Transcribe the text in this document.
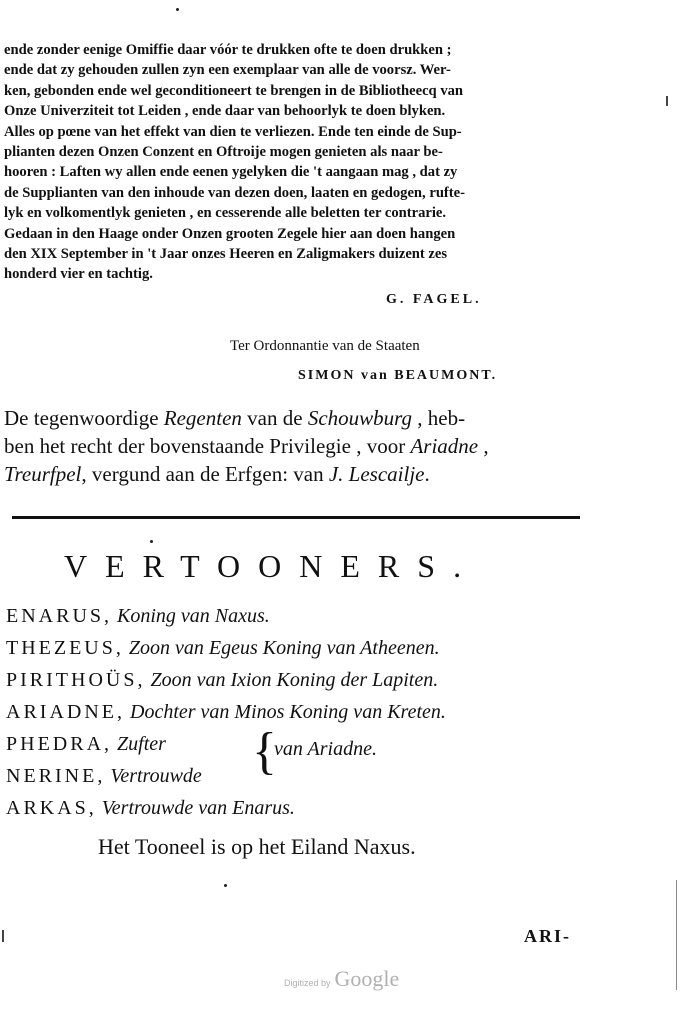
ende zonder eenige Omiffie daar vóór te drukken ofte te doen drukken ;
ende dat zy gehouden zullen zyn een exemplaar van alle de voorsz. Wer-
ken, gebonden ende wel geconditioneert te brengen in de Bibliotheecq van
Onze Univerziteit tot Leiden , ende daar van behoorlyk te doen blyken.
Alles op pœne van het effekt van dien te verliezen. Ende ten einde de Sup-
plianten dezen Onzen Conzent en Oftroije mogen genieten als naar be-
hooren : Laften wy allen ende eenen ygelyken die 't aangaan mag , dat zy
de Supplianten van den inhoude van dezen doen, laaten en gedogen, rufte-
lyk en volkomentlyk genieten , en cesserende alle beletten ter contrarie.
Gedaan in den Haage onder Onzen grooten Zegele hier aan doen hangen
den XIX September in 't Jaar onzes Heeren en Zaligmakers duizent zes
honderd vier en tachtig.
G. FAGEL.
Ter Ordonnantie van de Staaten
SIMON van BEAUMONT.
De tegenwoordige Regenten van de Schouwburg , heb-
ben het recht der bovenstaande Privilegie , voor Ariadne ,
Treurfpel, vergund aan de Erfgen: van J. Lescailje.
VERTOONERS.
ENARUS, Koning van Naxus.
THEZEUS, Zoon van Egeus Koning van Atheenen.
PIRITHOÜS, Zoon van Ixion Koning der Lapiten.
ARIADNE, Dochter van Minos Koning van Kreten.
PHEDRA, Zufter
NERINE, Vertrouwde
ARKAS, Vertrouwde van Enarus.
{
van Ariadne.
Het Tooneel is op het Eiland Naxus.
ARI-
Digitized by Google
